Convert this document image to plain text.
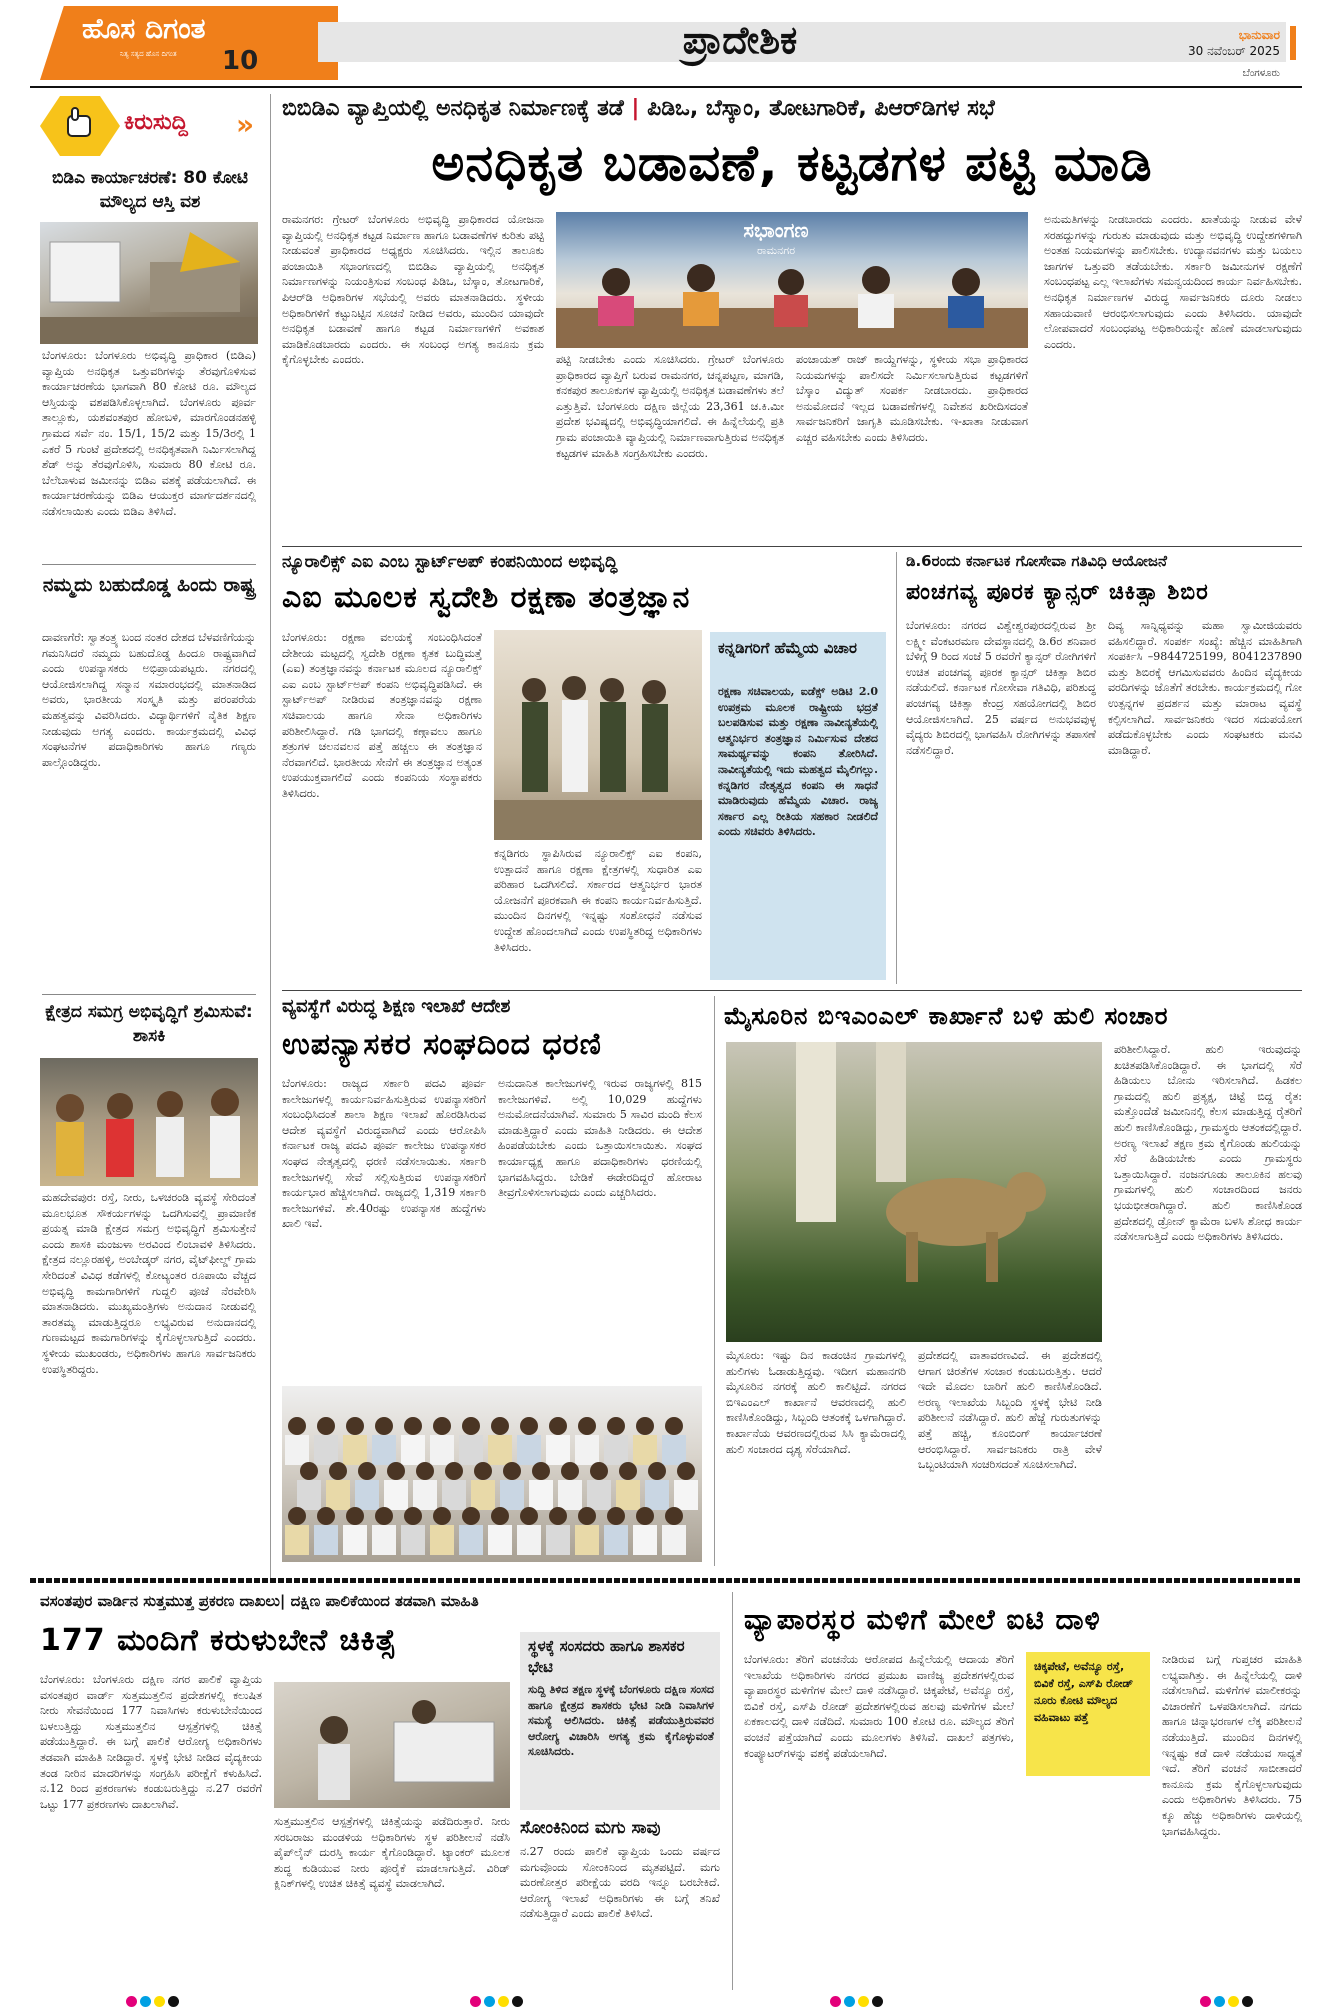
ಹೊಸ ದಿಗಂತ
ನಿತ್ಯ ಸತ್ಯದ ಹೊಸ ದಿಗಂತ	10	ಪ್ರಾದೇಶಿಕ	ಭಾನುವಾರ
30 ನವೆಂಬರ್ 2025
ಬೆಂಗಳೂರು
ಕಿರುಸುದ್ದಿ	»
ಬಿಡಿಎ ಕಾರ್ಯಾಚರಣೆ: 80 ಕೋಟಿ ಮೌಲ್ಯದ ಆಸ್ತಿ ವಶ
ಬೆಂಗಳೂರು: ಬೆಂಗಳೂರು ಅಭಿವೃದ್ಧಿ ಪ್ರಾಧಿಕಾರ (ಬಿಡಿಎ) ವ್ಯಾಪ್ತಿಯ ಅನಧಿಕೃತ ಒತ್ತುವರಿಗಳನ್ನು ತೆರವುಗೊಳಿಸುವ ಕಾರ್ಯಾಚರಣೆಯ ಭಾಗವಾಗಿ 80 ಕೋಟಿ ರೂ. ಮೌಲ್ಯದ ಆಸ್ತಿಯನ್ನು ವಶಪಡಿಸಿಕೊಳ್ಳಲಾಗಿದೆ. ಬೆಂಗಳೂರು ಪೂರ್ವ ತಾಲ್ಲೂಕು, ಯಶವಂತಪುರ ಹೋಬಳಿ, ಮಾರಗೊಂಡನಹಳ್ಳಿ ಗ್ರಾಮದ ಸರ್ವೆ ನಂ. 15/1, 15/2 ಮತ್ತು 15/3ರಲ್ಲಿ 1 ಎಕರೆ 5 ಗುಂಟೆ ಪ್ರದೇಶದಲ್ಲಿ ಅನಧಿಕೃತವಾಗಿ ನಿರ್ಮಿಸಲಾಗಿದ್ದ ಶೆಡ್ ಅನ್ನು ತೆರವುಗೊಳಿಸಿ, ಸುಮಾರು 80 ಕೋಟಿ ರೂ. ಬೆಲೆಬಾಳುವ ಜಮೀನನ್ನು ಬಿಡಿಎ ವಶಕ್ಕೆ ಪಡೆಯಲಾಗಿದೆ. ಈ ಕಾರ್ಯಾಚರಣೆಯನ್ನು ಬಿಡಿಎ ಆಯುಕ್ತರ ಮಾರ್ಗದರ್ಶನದಲ್ಲಿ ನಡೆಸಲಾಯಿತು ಎಂದು ಬಿಡಿಎ ತಿಳಿಸಿದೆ.
ನಮ್ಮದು ಬಹುದೊಡ್ಡ ಹಿಂದು ರಾಷ್ಟ್ರ
ದಾವಣಗೆರೆ: ಸ್ವಾತಂತ್ರ್ಯ ಬಂದ ನಂತರ ದೇಶದ ಬೆಳವಣಿಗೆಯನ್ನು ಗಮನಿಸಿದರೆ ನಮ್ಮದು ಬಹುದೊಡ್ಡ ಹಿಂದೂ ರಾಷ್ಟ್ರವಾಗಿದೆ ಎಂದು ಉಪನ್ಯಾಸಕರು ಅಭಿಪ್ರಾಯಪಟ್ಟರು. ನಗರದಲ್ಲಿ ಆಯೋಜಿಸಲಾಗಿದ್ದ ಸನ್ಮಾನ ಸಮಾರಂಭದಲ್ಲಿ ಮಾತನಾಡಿದ ಅವರು, ಭಾರತೀಯ ಸಂಸ್ಕೃತಿ ಮತ್ತು ಪರಂಪರೆಯ ಮಹತ್ವವನ್ನು ವಿವರಿಸಿದರು. ವಿದ್ಯಾರ್ಥಿಗಳಿಗೆ ನೈತಿಕ ಶಿಕ್ಷಣ ನೀಡುವುದು ಅಗತ್ಯ ಎಂದರು. ಕಾರ್ಯಕ್ರಮದಲ್ಲಿ ವಿವಿಧ ಸಂಘಟನೆಗಳ ಪದಾಧಿಕಾರಿಗಳು ಹಾಗೂ ಗಣ್ಯರು ಪಾಲ್ಗೊಂಡಿದ್ದರು.
ಕ್ಷೇತ್ರದ ಸಮಗ್ರ ಅಭಿವೃದ್ಧಿಗೆ ಶ್ರಮಿಸುವೆ: ಶಾಸಕಿ
ಮಹದೇವಪುರ: ರಸ್ತೆ, ನೀರು, ಒಳಚರಂಡಿ ವ್ಯವಸ್ಥೆ ಸೇರಿದಂತೆ ಮೂಲಭೂತ ಸೌಕರ್ಯಗಳನ್ನು ಒದಗಿಸುವಲ್ಲಿ ಪ್ರಾಮಾಣಿಕ ಪ್ರಯತ್ನ ಮಾಡಿ ಕ್ಷೇತ್ರದ ಸಮಗ್ರ ಅಭಿವೃದ್ಧಿಗೆ ಶ್ರಮಿಸುತ್ತೇನೆ ಎಂದು ಶಾಸಕಿ ಮಂಜುಳಾ ಅರವಿಂದ ಲಿಂಬಾವಳಿ ತಿಳಿಸಿದರು. ಕ್ಷೇತ್ರದ ನಲ್ಲೂರಹಳ್ಳಿ, ಅಂಬೇಡ್ಕರ್ ನಗರ, ವೈಟ್‌ಫೀಲ್ಡ್ ಗ್ರಾಮ ಸೇರಿದಂತೆ ವಿವಿಧ ಕಡೆಗಳಲ್ಲಿ ಕೋಟ್ಯಂತರ ರೂಪಾಯಿ ವೆಚ್ಚದ ಅಭಿವೃದ್ಧಿ ಕಾಮಗಾರಿಗಳಿಗೆ ಗುದ್ದಲಿ ಪೂಜೆ ನೆರವೇರಿಸಿ ಮಾತನಾಡಿದರು. ಮುಖ್ಯಮಂತ್ರಿಗಳು ಅನುದಾನ ನೀಡುವಲ್ಲಿ ತಾರತಮ್ಯ ಮಾಡುತ್ತಿದ್ದರೂ ಲಭ್ಯವಿರುವ ಅನುದಾನದಲ್ಲಿ ಗುಣಮಟ್ಟದ ಕಾಮಗಾರಿಗಳನ್ನು ಕೈಗೊಳ್ಳಲಾಗುತ್ತಿದೆ ಎಂದರು. ಸ್ಥಳೀಯ ಮುಖಂಡರು, ಅಧಿಕಾರಿಗಳು ಹಾಗೂ ಸಾರ್ವಜನಿಕರು ಉಪಸ್ಥಿತರಿದ್ದರು.
ಬಿಬಿಡಿಎ ವ್ಯಾಪ್ತಿಯಲ್ಲಿ ಅನಧಿಕೃತ ನಿರ್ಮಾಣಕ್ಕೆ ತಡೆ | ಪಿಡಿಒ, ಬೆಸ್ಕಾಂ, ತೋಟಗಾರಿಕೆ, ಪಿಆರ್‌ಡಿಗಳ ಸಭೆ
ಅನಧಿಕೃತ ಬಡಾವಣೆ, ಕಟ್ಟಡಗಳ ಪಟ್ಟಿ ಮಾಡಿ
ರಾಮನಗರ: ಗ್ರೇಟರ್ ಬೆಂಗಳೂರು ಅಭಿವೃದ್ಧಿ ಪ್ರಾಧಿಕಾರದ ಯೋಜನಾ ವ್ಯಾಪ್ತಿಯಲ್ಲಿ ಅನಧಿಕೃತ ಕಟ್ಟಡ ನಿರ್ಮಾಣ ಹಾಗೂ ಬಡಾವಣೆಗಳ ಕುರಿತು ಪಟ್ಟಿ ನೀಡುವಂತೆ ಪ್ರಾಧಿಕಾರದ ಅಧ್ಯಕ್ಷರು ಸೂಚಿಸಿದರು. ಇಲ್ಲಿನ ತಾಲೂಕು ಪಂಚಾಯಿತಿ ಸಭಾಂಗಣದಲ್ಲಿ ಬಿಬಿಡಿಎ ವ್ಯಾಪ್ತಿಯಲ್ಲಿ ಅನಧಿಕೃತ ನಿರ್ಮಾಣಗಳನ್ನು ನಿಯಂತ್ರಿಸುವ ಸಂಬಂಧ ಪಿಡಿಒ, ಬೆಸ್ಕಾಂ, ತೋಟಗಾರಿಕೆ, ಪಿಆರ್‌ಡಿ ಅಧಿಕಾರಿಗಳ ಸಭೆಯಲ್ಲಿ ಅವರು ಮಾತನಾಡಿದರು. ಸ್ಥಳೀಯ ಅಧಿಕಾರಿಗಳಿಗೆ ಕಟ್ಟುನಿಟ್ಟಿನ ಸೂಚನೆ ನೀಡಿದ ಅವರು, ಮುಂದಿನ ಯಾವುದೇ ಅನಧಿಕೃತ ಬಡಾವಣೆ ಹಾಗೂ ಕಟ್ಟಡ ನಿರ್ಮಾಣಗಳಿಗೆ ಅವಕಾಶ ಮಾಡಿಕೊಡಬಾರದು ಎಂದರು. ಈ ಸಂಬಂಧ ಅಗತ್ಯ ಕಾನೂನು ಕ್ರಮ ಕೈಗೊಳ್ಳಬೇಕು ಎಂದರು.
ಸಭಾಂಗಣ
ರಾಮನಗರ
ಪಟ್ಟಿ ನೀಡಬೇಕು ಎಂದು ಸೂಚಿಸಿದರು. ಗ್ರೇಟರ್ ಬೆಂಗಳೂರು ಪ್ರಾಧಿಕಾರದ ವ್ಯಾಪ್ತಿಗೆ ಬರುವ ರಾಮನಗರ, ಚನ್ನಪಟ್ಟಣ, ಮಾಗಡಿ, ಕನಕಪುರ ತಾಲೂಕುಗಳ ವ್ಯಾಪ್ತಿಯಲ್ಲಿ ಅನಧಿಕೃತ ಬಡಾವಣೆಗಳು ತಲೆ ಎತ್ತುತ್ತಿವೆ. ಬೆಂಗಳೂರು ದಕ್ಷಿಣ ಜಿಲ್ಲೆಯ 23,361 ಚ.ಕಿ.ಮೀ ಪ್ರದೇಶ ಭವಿಷ್ಯದಲ್ಲಿ ಅಭಿವೃದ್ಧಿಯಾಗಲಿದೆ. ಈ ಹಿನ್ನೆಲೆಯಲ್ಲಿ ಪ್ರತಿ ಗ್ರಾಮ ಪಂಚಾಯಿತಿ ವ್ಯಾಪ್ತಿಯಲ್ಲಿ ನಿರ್ಮಾಣವಾಗುತ್ತಿರುವ ಅನಧಿಕೃತ ಕಟ್ಟಡಗಳ ಮಾಹಿತಿ ಸಂಗ್ರಹಿಸಬೇಕು ಎಂದರು.
ಪಂಚಾಯತ್ ರಾಜ್ ಕಾಯ್ದೆಗಳನ್ನು, ಸ್ಥಳೀಯ ಸಭಾ ಪ್ರಾಧಿಕಾರದ ನಿಯಮಗಳನ್ನು ಪಾಲಿಸದೇ ನಿರ್ಮಿಸಲಾಗುತ್ತಿರುವ ಕಟ್ಟಡಗಳಿಗೆ ಬೆಸ್ಕಾಂ ವಿದ್ಯುತ್ ಸಂಪರ್ಕ ನೀಡಬಾರದು. ಪ್ರಾಧಿಕಾರದ ಅನುಮೋದನೆ ಇಲ್ಲದ ಬಡಾವಣೆಗಳಲ್ಲಿ ನಿವೇಶನ ಖರೀದಿಸದಂತೆ ಸಾರ್ವಜನಿಕರಿಗೆ ಜಾಗೃತಿ ಮೂಡಿಸಬೇಕು. ಇ-ಖಾತಾ ನೀಡುವಾಗ ಎಚ್ಚರ ವಹಿಸಬೇಕು ಎಂದು ತಿಳಿಸಿದರು.
ಅನುಮತಿಗಳನ್ನು ನೀಡಬಾರದು ಎಂದರು. ಖಾತೆಯನ್ನು ನೀಡುವ ವೇಳೆ ಸರಹದ್ದುಗಳನ್ನು ಗುರುತು ಮಾಡುವುದು ಮತ್ತು ಅಭಿವೃದ್ಧಿ ಉದ್ದೇಶಗಳಿಗಾಗಿ ಅಂತಹ ನಿಯಮಗಳನ್ನು ಪಾಲಿಸಬೇಕು. ಉದ್ಯಾನವನಗಳು ಮತ್ತು ಬಯಲು ಜಾಗಗಳ ಒತ್ತುವರಿ ತಡೆಯಬೇಕು. ಸರ್ಕಾರಿ ಜಮೀನುಗಳ ರಕ್ಷಣೆಗೆ ಸಂಬಂಧಪಟ್ಟ ಎಲ್ಲ ಇಲಾಖೆಗಳು ಸಮನ್ವಯದಿಂದ ಕಾರ್ಯ ನಿರ್ವಹಿಸಬೇಕು. ಅನಧಿಕೃತ ನಿರ್ಮಾಣಗಳ ವಿರುದ್ಧ ಸಾರ್ವಜನಿಕರು ದೂರು ನೀಡಲು ಸಹಾಯವಾಣಿ ಆರಂಭಿಸಲಾಗುವುದು ಎಂದು ತಿಳಿಸಿದರು. ಯಾವುದೇ ಲೋಪವಾದರೆ ಸಂಬಂಧಪಟ್ಟ ಅಧಿಕಾರಿಯನ್ನೇ ಹೊಣೆ ಮಾಡಲಾಗುವುದು ಎಂದರು.
ನ್ಯೂರಾಲಿಕ್ಸ್ ಎಐ ಎಂಬ ಸ್ಟಾರ್ಟ್‌ಅಪ್ ಕಂಪನಿಯಿಂದ ಅಭಿವೃದ್ಧಿ
ಎಐ ಮೂಲಕ ಸ್ವದೇಶಿ ರಕ್ಷಣಾ ತಂತ್ರಜ್ಞಾನ
ಬೆಂಗಳೂರು: ರಕ್ಷಣಾ ವಲಯಕ್ಕೆ ಸಂಬಂಧಿಸಿದಂತೆ ದೇಶೀಯ ಮಟ್ಟದಲ್ಲಿ ಸ್ವದೇಶಿ ರಕ್ಷಣಾ ಕೃತಕ ಬುದ್ಧಿಮತ್ತೆ (ಎಐ) ತಂತ್ರಜ್ಞಾನವನ್ನು ಕರ್ನಾಟಕ ಮೂಲದ ನ್ಯೂರಾಲಿಕ್ಸ್ ಎಐ ಎಂಬ ಸ್ಟಾರ್ಟ್‌ಅಪ್ ಕಂಪನಿ ಅಭಿವೃದ್ಧಿಪಡಿಸಿದೆ. ಈ ಸ್ಟಾರ್ಟ್‌ಅಪ್ ನೀಡಿರುವ ತಂತ್ರಜ್ಞಾನವನ್ನು ರಕ್ಷಣಾ ಸಚಿವಾಲಯ ಹಾಗೂ ಸೇನಾ ಅಧಿಕಾರಿಗಳು ಪರಿಶೀಲಿಸಿದ್ದಾರೆ. ಗಡಿ ಭಾಗದಲ್ಲಿ ಕಣ್ಗಾವಲು ಹಾಗೂ ಶತ್ರುಗಳ ಚಲನವಲನ ಪತ್ತೆ ಹಚ್ಚಲು ಈ ತಂತ್ರಜ್ಞಾನ ನೆರವಾಗಲಿದೆ. ಭಾರತೀಯ ಸೇನೆಗೆ ಈ ತಂತ್ರಜ್ಞಾನ ಅತ್ಯಂತ ಉಪಯುಕ್ತವಾಗಲಿದೆ ಎಂದು ಕಂಪನಿಯ ಸಂಸ್ಥಾಪಕರು ತಿಳಿಸಿದರು.
ಕನ್ನಡಿಗರು ಸ್ಥಾಪಿಸಿರುವ ನ್ಯೂರಾಲಿಕ್ಸ್ ಎಐ ಕಂಪನಿ, ಉತ್ಪಾದನೆ ಹಾಗೂ ರಕ್ಷಣಾ ಕ್ಷೇತ್ರಗಳಲ್ಲಿ ಸುಧಾರಿತ ಎಐ ಪರಿಹಾರ ಒದಗಿಸಲಿದೆ. ಸರ್ಕಾರದ ಆತ್ಮನಿರ್ಭರ ಭಾರತ ಯೋಜನೆಗೆ ಪೂರಕವಾಗಿ ಈ ಕಂಪನಿ ಕಾರ್ಯನಿರ್ವಹಿಸುತ್ತಿದೆ. ಮುಂದಿನ ದಿನಗಳಲ್ಲಿ ಇನ್ನಷ್ಟು ಸಂಶೋಧನೆ ನಡೆಸುವ ಉದ್ದೇಶ ಹೊಂದಲಾಗಿದೆ ಎಂದು ಉಪಸ್ಥಿತರಿದ್ದ ಅಧಿಕಾರಿಗಳು ತಿಳಿಸಿದರು.
ಕನ್ನಡಿಗರಿಗೆ ಹೆಮ್ಮೆಯ ವಿಚಾರ
ರಕ್ಷಣಾ ಸಚಿವಾಲಯ, ಐಡೆಕ್ಸ್ ಅಡಿಟಿ 2.0 ಉಪಕ್ರಮ ಮೂಲಕ ರಾಷ್ಟ್ರೀಯ ಭದ್ರತೆ ಬಲಪಡಿಸುವ ಮತ್ತು ರಕ್ಷಣಾ ನಾವೀನ್ಯತೆಯಲ್ಲಿ ಆತ್ಮನಿರ್ಭರ ತಂತ್ರಜ್ಞಾನ ನಿರ್ಮಿಸುವ ದೇಶದ ಸಾಮರ್ಥ್ಯವನ್ನು ಕಂಪನಿ ತೋರಿಸಿದೆ. ನಾವೀನ್ಯತೆಯಲ್ಲಿ ಇದು ಮಹತ್ವದ ಮೈಲಿಗಲ್ಲು. ಕನ್ನಡಿಗರ ನೇತೃತ್ವದ ಕಂಪನಿ ಈ ಸಾಧನೆ ಮಾಡಿರುವುದು ಹೆಮ್ಮೆಯ ವಿಚಾರ. ರಾಜ್ಯ ಸರ್ಕಾರ ಎಲ್ಲ ರೀತಿಯ ಸಹಕಾರ ನೀಡಲಿದೆ ಎಂದು ಸಚಿವರು ತಿಳಿಸಿದರು.
ಡಿ.6ರಂದು ಕರ್ನಾಟಕ ಗೋಸೇವಾ ಗತಿವಿಧಿ ಆಯೋಜನೆ
ಪಂಚಗವ್ಯ ಪೂರಕ ಕ್ಯಾನ್ಸರ್ ಚಿಕಿತ್ಸಾ ಶಿಬಿರ
ಬೆಂಗಳೂರು: ನಗರದ ವಿಶ್ವೇಶ್ವರಪುರದಲ್ಲಿರುವ ಶ್ರೀ ಲಕ್ಷ್ಮೀ ವೆಂಕಟರಮಣ ದೇವಸ್ಥಾನದಲ್ಲಿ ಡಿ.6ರ ಶನಿವಾರ ಬೆಳಿಗ್ಗೆ 9 ರಿಂದ ಸಂಜೆ 5 ರವರೆಗೆ ಕ್ಯಾನ್ಸರ್ ರೋಗಿಗಳಿಗೆ ಉಚಿತ ಪಂಚಗವ್ಯ ಪೂರಕ ಕ್ಯಾನ್ಸರ್ ಚಿಕಿತ್ಸಾ ಶಿಬಿರ ನಡೆಯಲಿದೆ. ಕರ್ನಾಟಕ ಗೋಸೇವಾ ಗತಿವಿಧಿ, ಪರಿಶುದ್ಧ ಪಂಚಗವ್ಯ ಚಿಕಿತ್ಸಾ ಕೇಂದ್ರ ಸಹಯೋಗದಲ್ಲಿ ಶಿಬಿರ ಆಯೋಜಿಸಲಾಗಿದೆ. 25 ವರ್ಷದ ಅನುಭವವುಳ್ಳ ವೈದ್ಯರು ಶಿಬಿರದಲ್ಲಿ ಭಾಗವಹಿಸಿ ರೋಗಿಗಳನ್ನು ತಪಾಸಣೆ ನಡೆಸಲಿದ್ದಾರೆ.
ದಿವ್ಯ ಸಾನ್ನಿಧ್ಯವನ್ನು ಮಹಾ ಸ್ವಾಮೀಜಿಯವರು ವಹಿಸಲಿದ್ದಾರೆ. ಸಂಪರ್ಕ ಸಂಖ್ಯೆ: ಹೆಚ್ಚಿನ ಮಾಹಿತಿಗಾಗಿ ಸಂಪರ್ಕಿಸಿ –9844725199, 8041237890 ಮತ್ತು ಶಿಬಿರಕ್ಕೆ ಆಗಮಿಸುವವರು ಹಿಂದಿನ ವೈದ್ಯಕೀಯ ವರದಿಗಳನ್ನು ಜೊತೆಗೆ ತರಬೇಕು. ಕಾರ್ಯಕ್ರಮದಲ್ಲಿ ಗೋ ಉತ್ಪನ್ನಗಳ ಪ್ರದರ್ಶನ ಮತ್ತು ಮಾರಾಟ ವ್ಯವಸ್ಥೆ ಕಲ್ಪಿಸಲಾಗಿದೆ. ಸಾರ್ವಜನಿಕರು ಇದರ ಸದುಪಯೋಗ ಪಡೆದುಕೊಳ್ಳಬೇಕು ಎಂದು ಸಂಘಟಕರು ಮನವಿ ಮಾಡಿದ್ದಾರೆ.
ವ್ಯವಸ್ಥೆಗೆ ವಿರುದ್ಧ ಶಿಕ್ಷಣ ಇಲಾಖೆ ಆದೇಶ
ಉಪನ್ಯಾಸಕರ ಸಂಘದಿಂದ ಧರಣಿ
ಬೆಂಗಳೂರು: ರಾಜ್ಯದ ಸರ್ಕಾರಿ ಪದವಿ ಪೂರ್ವ ಕಾಲೇಜುಗಳಲ್ಲಿ ಕಾರ್ಯನಿರ್ವಹಿಸುತ್ತಿರುವ ಉಪನ್ಯಾಸಕರಿಗೆ ಸಂಬಂಧಿಸಿದಂತೆ ಶಾಲಾ ಶಿಕ್ಷಣ ಇಲಾಖೆ ಹೊರಡಿಸಿರುವ ಆದೇಶ ವ್ಯವಸ್ಥೆಗೆ ವಿರುದ್ಧವಾಗಿದೆ ಎಂದು ಆರೋಪಿಸಿ ಕರ್ನಾಟಕ ರಾಜ್ಯ ಪದವಿ ಪೂರ್ವ ಕಾಲೇಜು ಉಪನ್ಯಾಸಕರ ಸಂಘದ ನೇತೃತ್ವದಲ್ಲಿ ಧರಣಿ ನಡೆಸಲಾಯಿತು. ಸರ್ಕಾರಿ ಕಾಲೇಜುಗಳಲ್ಲಿ ಸೇವೆ ಸಲ್ಲಿಸುತ್ತಿರುವ ಉಪನ್ಯಾಸಕರಿಗೆ ಕಾರ್ಯಭಾರ ಹೆಚ್ಚಿಸಲಾಗಿದೆ. ರಾಜ್ಯದಲ್ಲಿ 1,319 ಸರ್ಕಾರಿ ಕಾಲೇಜುಗಳಿವೆ. ಶೇ.40ರಷ್ಟು ಉಪನ್ಯಾಸಕ ಹುದ್ದೆಗಳು ಖಾಲಿ ಇವೆ.
ಅನುದಾನಿತ ಕಾಲೇಜುಗಳಲ್ಲಿ ಇರುವ ರಾಜ್ಯಗಳಲ್ಲಿ 815 ಕಾಲೇಜುಗಳಿವೆ. ಅಲ್ಲಿ 10,029 ಹುದ್ದೆಗಳು ಅನುಮೋದನೆಯಾಗಿವೆ. ಸುಮಾರು 5 ಸಾವಿರ ಮಂದಿ ಕೆಲಸ ಮಾಡುತ್ತಿದ್ದಾರೆ ಎಂದು ಮಾಹಿತಿ ನೀಡಿದರು. ಈ ಆದೇಶ ಹಿಂಪಡೆಯಬೇಕು ಎಂದು ಒತ್ತಾಯಿಸಲಾಯಿತು. ಸಂಘದ ಕಾರ್ಯಾಧ್ಯಕ್ಷ ಹಾಗೂ ಪದಾಧಿಕಾರಿಗಳು ಧರಣಿಯಲ್ಲಿ ಭಾಗವಹಿಸಿದ್ದರು. ಬೇಡಿಕೆ ಈಡೇರದಿದ್ದರೆ ಹೋರಾಟ ತೀವ್ರಗೊಳಿಸಲಾಗುವುದು ಎಂದು ಎಚ್ಚರಿಸಿದರು.
ಮೈಸೂರಿನ ಬಿಇಎಂಎಲ್ ಕಾರ್ಖಾನೆ ಬಳಿ ಹುಲಿ ಸಂಚಾರ
ಮೈಸೂರು: ಇಷ್ಟು ದಿನ ಕಾಡಂಚಿನ ಗ್ರಾಮಗಳಲ್ಲಿ ಹುಲಿಗಳು ಓಡಾಡುತ್ತಿದ್ದವು. ಇದೀಗ ಮಹಾನಗರಿ ಮೈಸೂರಿನ ನಗರಕ್ಕೆ ಹುಲಿ ಕಾಲಿಟ್ಟಿದೆ. ನಗರದ ಬಿಇಎಂಎಲ್ ಕಾರ್ಖಾನೆ ಆವರಣದಲ್ಲಿ ಹುಲಿ ಕಾಣಿಸಿಕೊಂಡಿದ್ದು, ಸಿಬ್ಬಂದಿ ಆತಂಕಕ್ಕೆ ಒಳಗಾಗಿದ್ದಾರೆ. ಕಾರ್ಖಾನೆಯ ಆವರಣದಲ್ಲಿರುವ ಸಿಸಿ ಕ್ಯಾಮೆರಾದಲ್ಲಿ ಹುಲಿ ಸಂಚಾರದ ದೃಶ್ಯ ಸೆರೆಯಾಗಿದೆ.
ಪ್ರದೇಶದಲ್ಲಿ ವಾತಾವರಣವಿದೆ. ಈ ಪ್ರದೇಶದಲ್ಲಿ ಆಗಾಗ ಚಿರತೆಗಳ ಸಂಚಾರ ಕಂಡುಬರುತ್ತಿತ್ತು. ಆದರೆ ಇದೇ ಮೊದಲ ಬಾರಿಗೆ ಹುಲಿ ಕಾಣಿಸಿಕೊಂಡಿದೆ. ಅರಣ್ಯ ಇಲಾಖೆಯ ಸಿಬ್ಬಂದಿ ಸ್ಥಳಕ್ಕೆ ಭೇಟಿ ನೀಡಿ ಪರಿಶೀಲನೆ ನಡೆಸಿದ್ದಾರೆ. ಹುಲಿ ಹೆಜ್ಜೆ ಗುರುತುಗಳನ್ನು ಪತ್ತೆ ಹಚ್ಚಿ, ಕೂಂಬಿಂಗ್ ಕಾರ್ಯಾಚರಣೆ ಆರಂಭಿಸಿದ್ದಾರೆ. ಸಾರ್ವಜನಿಕರು ರಾತ್ರಿ ವೇಳೆ ಒಬ್ಬಂಟಿಯಾಗಿ ಸಂಚರಿಸದಂತೆ ಸೂಚಿಸಲಾಗಿದೆ.
ಪರಿಶೀಲಿಸಿದ್ದಾರೆ. ಹುಲಿ ಇರುವುದನ್ನು ಖಚಿತಪಡಿಸಿಕೊಂಡಿದ್ದಾರೆ. ಈ ಭಾಗದಲ್ಲಿ ಸೆರೆ ಹಿಡಿಯಲು ಬೋನು ಇರಿಸಲಾಗಿದೆ. ಹಿಡಕಲ ಗ್ರಾಮದಲ್ಲಿ ಹುಲಿ ಪ್ರತ್ಯಕ್ಷ, ಚಿಟ್ಟೆ ಬಿದ್ದ ರೈತ: ಮತ್ತೊಂದೆಡೆ ಜಮೀನಿನಲ್ಲಿ ಕೆಲಸ ಮಾಡುತ್ತಿದ್ದ ರೈತರಿಗೆ ಹುಲಿ ಕಾಣಿಸಿಕೊಂಡಿದ್ದು, ಗ್ರಾಮಸ್ಥರು ಆತಂಕದಲ್ಲಿದ್ದಾರೆ. ಅರಣ್ಯ ಇಲಾಖೆ ತಕ್ಷಣ ಕ್ರಮ ಕೈಗೊಂಡು ಹುಲಿಯನ್ನು ಸೆರೆ ಹಿಡಿಯಬೇಕು ಎಂದು ಗ್ರಾಮಸ್ಥರು ಒತ್ತಾಯಿಸಿದ್ದಾರೆ. ನಂಜನಗೂಡು ತಾಲೂಕಿನ ಹಲವು ಗ್ರಾಮಗಳಲ್ಲಿ ಹುಲಿ ಸಂಚಾರದಿಂದ ಜನರು ಭಯಭೀತರಾಗಿದ್ದಾರೆ. ಹುಲಿ ಕಾಣಿಸಿಕೊಂಡ ಪ್ರದೇಶದಲ್ಲಿ ಡ್ರೋನ್ ಕ್ಯಾಮೆರಾ ಬಳಸಿ ಶೋಧ ಕಾರ್ಯ ನಡೆಸಲಾಗುತ್ತಿದೆ ಎಂದು ಅಧಿಕಾರಿಗಳು ತಿಳಿಸಿದರು.
ವಸಂತಪುರ ವಾರ್ಡಿನ ಸುತ್ತಮುತ್ತ ಪ್ರಕರಣ ದಾಖಲು| ದಕ್ಷಿಣ ಪಾಲಿಕೆಯಿಂದ ತಡವಾಗಿ ಮಾಹಿತಿ
177 ಮಂದಿಗೆ ಕರುಳುಬೇನೆ ಚಿಕಿತ್ಸೆ
ಬೆಂಗಳೂರು: ಬೆಂಗಳೂರು ದಕ್ಷಿಣ ನಗರ ಪಾಲಿಕೆ ವ್ಯಾಪ್ತಿಯ ವಸಂತಪುರ ವಾರ್ಡ್ ಸುತ್ತಮುತ್ತಲಿನ ಪ್ರದೇಶಗಳಲ್ಲಿ ಕಲುಷಿತ ನೀರು ಸೇವನೆಯಿಂದ 177 ನಿವಾಸಿಗಳು ಕರುಳುಬೇನೆಯಿಂದ ಬಳಲುತ್ತಿದ್ದು ಸುತ್ತಮುತ್ತಲಿನ ಆಸ್ಪತ್ರೆಗಳಲ್ಲಿ ಚಿಕಿತ್ಸೆ ಪಡೆಯುತ್ತಿದ್ದಾರೆ. ಈ ಬಗ್ಗೆ ಪಾಲಿಕೆ ಆರೋಗ್ಯ ಅಧಿಕಾರಿಗಳು ತಡವಾಗಿ ಮಾಹಿತಿ ನೀಡಿದ್ದಾರೆ. ಸ್ಥಳಕ್ಕೆ ಭೇಟಿ ನೀಡಿದ ವೈದ್ಯಕೀಯ ತಂಡ ನೀರಿನ ಮಾದರಿಗಳನ್ನು ಸಂಗ್ರಹಿಸಿ ಪರೀಕ್ಷೆಗೆ ಕಳುಹಿಸಿದೆ. ನ.12 ರಿಂದ ಪ್ರಕರಣಗಳು ಕಂಡುಬರುತ್ತಿದ್ದು ನ.27 ರವರೆಗೆ ಒಟ್ಟು 177 ಪ್ರಕರಣಗಳು ದಾಖಲಾಗಿವೆ.
ಸ್ಥಳಕ್ಕೆ ಸಂಸದರು ಹಾಗೂ ಶಾಸಕರ ಭೇಟಿ
ಸುದ್ದಿ ತಿಳಿದ ತಕ್ಷಣ ಸ್ಥಳಕ್ಕೆ ಬೆಂಗಳೂರು ದಕ್ಷಿಣ ಸಂಸದ ಹಾಗೂ ಕ್ಷೇತ್ರದ ಶಾಸಕರು ಭೇಟಿ ನೀಡಿ ನಿವಾಸಿಗಳ ಸಮಸ್ಯೆ ಆಲಿಸಿದರು. ಚಿಕಿತ್ಸೆ ಪಡೆಯುತ್ತಿರುವವರ ಆರೋಗ್ಯ ವಿಚಾರಿಸಿ ಅಗತ್ಯ ಕ್ರಮ ಕೈಗೊಳ್ಳುವಂತೆ ಸೂಚಿಸಿದರು.
ಸುತ್ತಮುತ್ತಲಿನ ಆಸ್ಪತ್ರೆಗಳಲ್ಲಿ ಚಿಕಿತ್ಸೆಯನ್ನು ಪಡೆದಿರುತ್ತಾರೆ. ನೀರು ಸರಬರಾಜು ಮಂಡಳಿಯ ಅಧಿಕಾರಿಗಳು ಸ್ಥಳ ಪರಿಶೀಲನೆ ನಡೆಸಿ ಪೈಪ್‌ಲೈನ್ ದುರಸ್ತಿ ಕಾರ್ಯ ಕೈಗೊಂಡಿದ್ದಾರೆ. ಟ್ಯಾಂಕರ್ ಮೂಲಕ ಶುದ್ಧ ಕುಡಿಯುವ ನೀರು ಪೂರೈಕೆ ಮಾಡಲಾಗುತ್ತಿದೆ. ವಿರಿಡ್ ಕ್ಲಿನಿಕ್‌ಗಳಲ್ಲಿ ಉಚಿತ ಚಿಕಿತ್ಸೆ ವ್ಯವಸ್ಥೆ ಮಾಡಲಾಗಿದೆ.
ಸೋಂಕಿನಿಂದ ಮಗು ಸಾವು
ನ.27 ರಂದು ಪಾಲಿಕೆ ವ್ಯಾಪ್ತಿಯ ಒಂದು ವರ್ಷದ ಮಗುವೊಂದು ಸೋಂಕಿನಿಂದ ಮೃತಪಟ್ಟಿದೆ. ಮಗು ಮರಣೋತ್ತರ ಪರೀಕ್ಷೆಯ ವರದಿ ಇನ್ನೂ ಬರಬೇಕಿದೆ. ಆರೋಗ್ಯ ಇಲಾಖೆ ಅಧಿಕಾರಿಗಳು ಈ ಬಗ್ಗೆ ತನಿಖೆ ನಡೆಸುತ್ತಿದ್ದಾರೆ ಎಂದು ಪಾಲಿಕೆ ತಿಳಿಸಿದೆ.
ವ್ಯಾಪಾರಸ್ಥರ ಮಳಿಗೆ ಮೇಲೆ ಐಟಿ ದಾಳಿ
ಬೆಂಗಳೂರು: ತೆರಿಗೆ ವಂಚನೆಯ ಆರೋಪದ ಹಿನ್ನೆಲೆಯಲ್ಲಿ ಆದಾಯ ತೆರಿಗೆ ಇಲಾಖೆಯ ಅಧಿಕಾರಿಗಳು ನಗರದ ಪ್ರಮುಖ ವಾಣಿಜ್ಯ ಪ್ರದೇಶಗಳಲ್ಲಿರುವ ವ್ಯಾಪಾರಸ್ಥರ ಮಳಿಗೆಗಳ ಮೇಲೆ ದಾಳಿ ನಡೆಸಿದ್ದಾರೆ. ಚಿಕ್ಕಪೇಟೆ, ಅವೆನ್ಯೂ ರಸ್ತೆ, ಬಿವಿಕೆ ರಸ್ತೆ, ಎಸ್‌ಪಿ ರೋಡ್ ಪ್ರದೇಶಗಳಲ್ಲಿರುವ ಹಲವು ಮಳಿಗೆಗಳ ಮೇಲೆ ಏಕಕಾಲದಲ್ಲಿ ದಾಳಿ ನಡೆದಿದೆ. ಸುಮಾರು 100 ಕೋಟಿ ರೂ. ಮೌಲ್ಯದ ತೆರಿಗೆ ವಂಚನೆ ಪತ್ತೆಯಾಗಿದೆ ಎಂದು ಮೂಲಗಳು ತಿಳಿಸಿವೆ. ದಾಖಲೆ ಪತ್ರಗಳು, ಕಂಪ್ಯೂಟರ್‌ಗಳನ್ನು ವಶಕ್ಕೆ ಪಡೆಯಲಾಗಿದೆ.
ಚಿಕ್ಕಪೇಟೆ, ಅವೆನ್ಯೂ ರಸ್ತೆ, ಬಿವಿಕೆ ರಸ್ತೆ, ಎಸ್‌ಪಿ ರೋಡ್ ನೂರು ಕೋಟಿ ಮೌಲ್ಯದ ವಹಿವಾಟು ಪತ್ತೆ
ನೀಡಿರುವ ಬಗ್ಗೆ ಗುಪ್ತಚರ ಮಾಹಿತಿ ಲಭ್ಯವಾಗಿತ್ತು. ಈ ಹಿನ್ನೆಲೆಯಲ್ಲಿ ದಾಳಿ ನಡೆಸಲಾಗಿದೆ. ಮಳಿಗೆಗಳ ಮಾಲೀಕರನ್ನು ವಿಚಾರಣೆಗೆ ಒಳಪಡಿಸಲಾಗಿದೆ. ನಗದು ಹಾಗೂ ಚಿನ್ನಾಭರಣಗಳ ಲೆಕ್ಕ ಪರಿಶೀಲನೆ ನಡೆಯುತ್ತಿದೆ. ಮುಂದಿನ ದಿನಗಳಲ್ಲಿ ಇನ್ನಷ್ಟು ಕಡೆ ದಾಳಿ ನಡೆಯುವ ಸಾಧ್ಯತೆ ಇದೆ. ತೆರಿಗೆ ವಂಚನೆ ಸಾಬೀತಾದರೆ ಕಾನೂನು ಕ್ರಮ ಕೈಗೊಳ್ಳಲಾಗುವುದು ಎಂದು ಅಧಿಕಾರಿಗಳು ತಿಳಿಸಿದರು. 75 ಕ್ಕೂ ಹೆಚ್ಚು ಅಧಿಕಾರಿಗಳು ದಾಳಿಯಲ್ಲಿ ಭಾಗವಹಿಸಿದ್ದರು.
